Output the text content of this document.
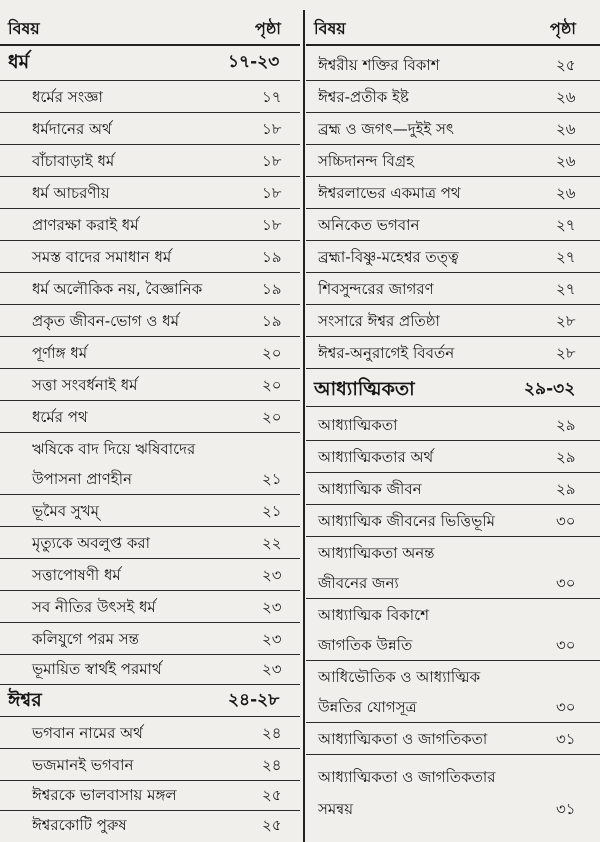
বিষয়	পৃষ্ঠা
ধর্ম	১৭-২৩
ধর্মের সংজ্ঞা	১৭
ধর্মদানের অর্থ	১৮
বাঁচাবাড়াই ধর্ম	১৮
ধর্ম আচরণীয়	১৮
প্রাণরক্ষা করাই ধর্ম	১৮
সমস্ত বাদের সমাধান ধর্ম	১৯
ধর্ম অলৌকিক নয়, বৈজ্ঞানিক	১৯
প্রকৃত জীবন-ভোগ ও ধর্ম	১৯
পূর্ণাঙ্গ ধর্ম	২০
সত্তা সংবর্ধনাই ধর্ম	২০
ধর্মের পথ	২০
ঋষিকে বাদ দিয়ে ঋষিবাদের
উপাসনা প্রাণহীন	২১
ভূমৈব সুখম্	২১
মৃত্যুকে অবলুপ্ত করা	২২
সত্তাপোষণী ধর্ম	২৩
সব নীতির উৎসই ধর্ম	২৩
কলিযুগে পরম সন্ত	২৩
ভূমায়িত স্বার্থই পরমার্থ	২৩
ঈশ্বর	২৪-২৮
ভগবান নামের অর্থ	২৪
ভজমানই ভগবান	২৪
ঈশ্বরকে ভালবাসায় মঙ্গল	২৫
ঈশ্বরকোটি পুরুষ	২৫
বিষয়	পৃষ্ঠা
ঈশ্বরীয় শক্তির বিকাশ	২৫
ঈশ্বর-প্রতীক ইষ্ট	২৬
ব্রহ্ম ও জগৎ—দুইই সৎ	২৬
সচ্চিদানন্দ বিগ্রহ	২৬
ঈশ্বরলাভের একমাত্র পথ	২৬
অনিকেত ভগবান	২৭
ব্রহ্মা-বিষ্ণু-মহেশ্বর তত্ত্ব	২৭
শিবসুন্দরের জাগরণ	২৭
সংসারে ঈশ্বর প্রতিষ্ঠা	২৮
ঈশ্বর-অনুরাগেই বিবর্তন	২৮
আধ্যাত্মিকতা	২৯-৩২
আধ্যাত্মিকতা	২৯
আধ্যাত্মিকতার অর্থ	২৯
আধ্যাত্মিক জীবন	২৯
আধ্যাত্মিক জীবনের ভিত্তিভূমি	৩০
আধ্যাত্মিকতা অনন্ত
জীবনের জন্য	৩০
আধ্যাত্মিক বিকাশে
জাগতিক উন্নতি	৩০
আধিভৌতিক ও আধ্যাত্মিক
উন্নতির যোগসূত্র	৩০
আধ্যাত্মিকতা ও জাগতিকতা	৩১
আধ্যাত্মিকতা ও জাগতিকতার
সমন্বয়	৩১
